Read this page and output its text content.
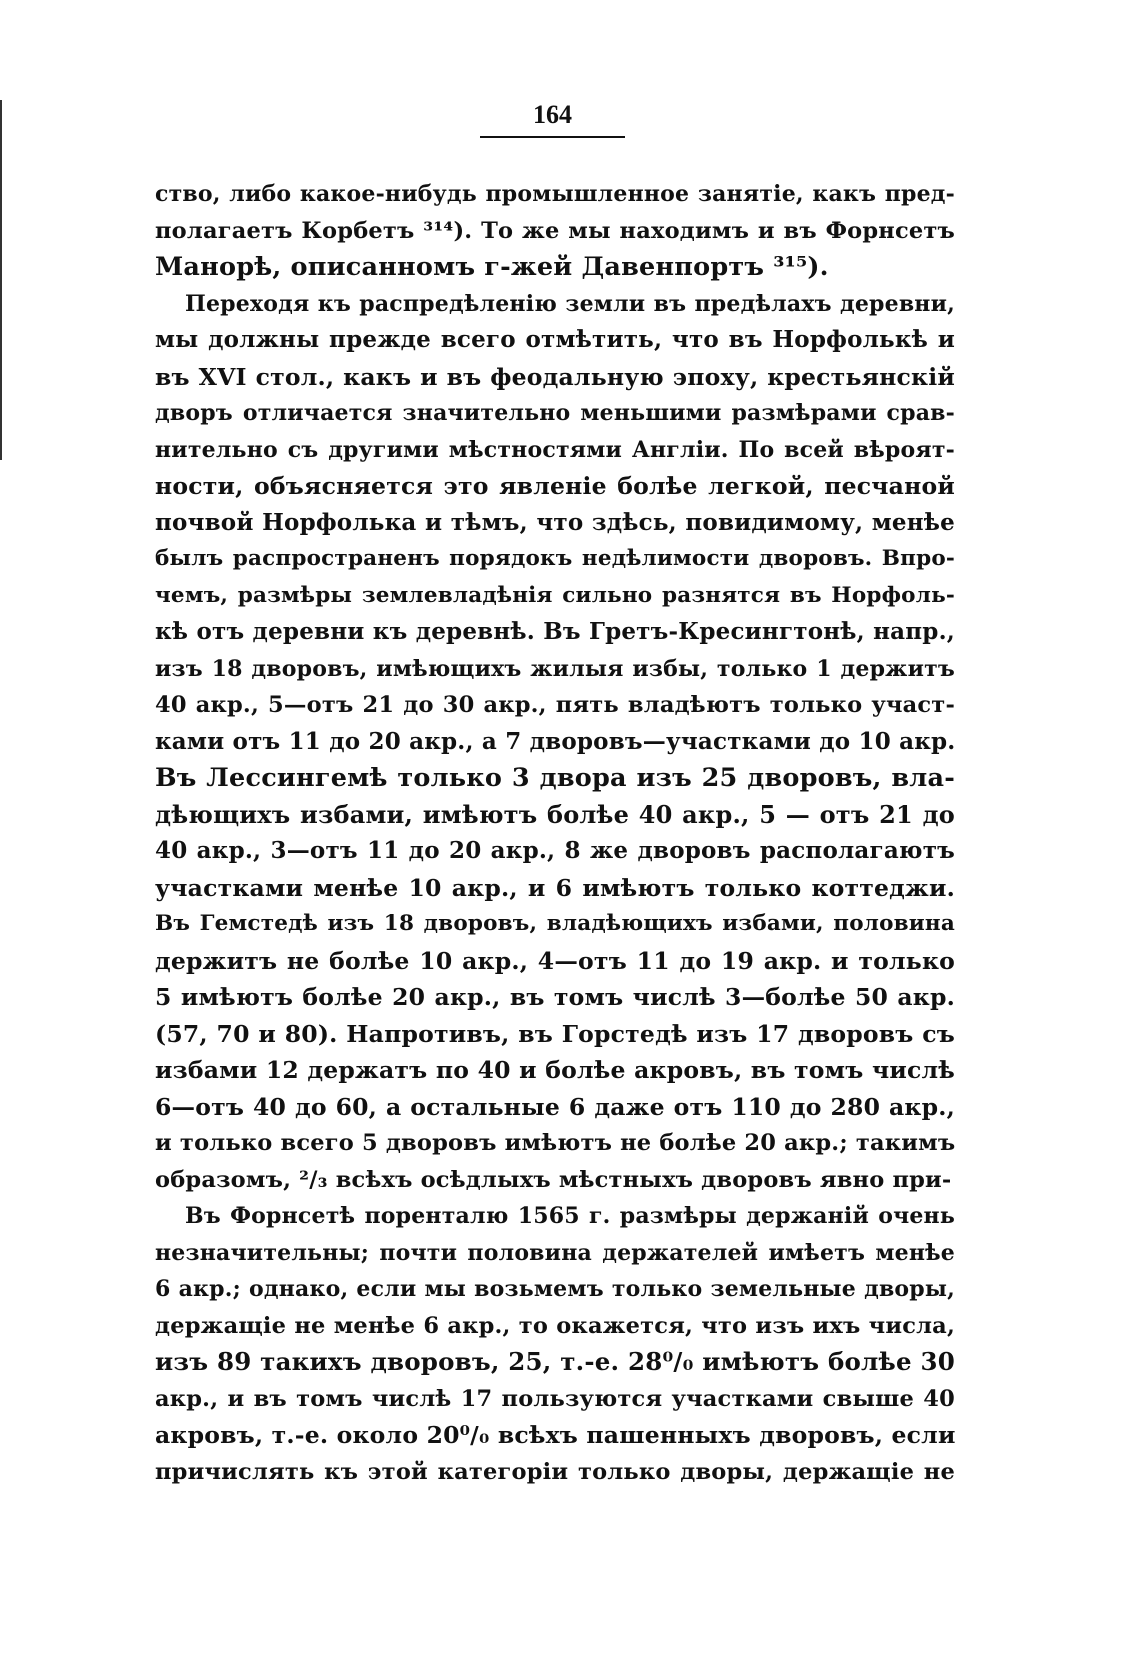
164
ство, либо какое-нибудь промышленное занятіе, какъ пред-
полагаетъ Корбетъ ³¹⁴). То же мы находимъ и въ Форнсетъ
Манорѣ, описанномъ г-жей Давенпортъ ³¹⁵).
Переходя къ распредѣленію земли въ предѣлахъ деревни,
мы должны прежде всего отмѣтить, что въ Норфолькѣ и
въ XVI стол., какъ и въ феодальную эпоху, крестьянскій
дворъ отличается значительно меньшими размѣрами срав-
нительно съ другими мѣстностями Англіи. По всей вѣроят-
ности, объясняется это явленіе болѣе легкой, песчаной
почвой Норфолька и тѣмъ, что здѣсь, повидимому, менѣе
былъ распространенъ порядокъ недѣлимости дворовъ. Впро-
чемъ, размѣры землевладѣнія сильно разнятся въ Норфоль-
кѣ отъ деревни къ деревнѣ. Въ Гретъ-Кресингтонѣ, напр.,
изъ 18 дворовъ, имѣющихъ жилыя избы, только 1 держитъ
40 акр., 5—отъ 21 до 30 акр., пять владѣютъ только участ-
ками отъ 11 до 20 акр., а 7 дворовъ—участками до 10 акр.
Въ Лессингемѣ только 3 двора изъ 25 дворовъ, вла-
дѣющихъ избами, имѣютъ болѣе 40 акр., 5 — отъ 21 до
40 акр., 3—отъ 11 до 20 акр., 8 же дворовъ располагаютъ
участками менѣе 10 акр., и 6 имѣютъ только коттеджи.
Въ Гемстедѣ изъ 18 дворовъ, владѣющихъ избами, половина
держитъ не болѣе 10 акр., 4—отъ 11 до 19 акр. и только
5 имѣютъ болѣе 20 акр., въ томъ числѣ 3—болѣе 50 акр.
(57, 70 и 80). Напротивъ, въ Горстедѣ изъ 17 дворовъ съ
избами 12 держатъ по 40 и болѣе акровъ, въ томъ числѣ
6—отъ 40 до 60, а остальные 6 даже отъ 110 до 280 акр.,
и только всего 5 дворовъ имѣютъ не болѣе 20 акр.; такимъ
образомъ, ²/₃ всѣхъ осѣдлыхъ мѣстныхъ дворовъ явно при-
Въ Форнсетѣ поренталю 1565 г. размѣры держаній очень
незначительны; почти половина держателей имѣетъ менѣе
6 акр.; однако, если мы возьмемъ только земельные дворы,
держащіе не менѣе 6 акр., то окажется, что изъ ихъ числа,
изъ 89 такихъ дворовъ, 25, т.-е. 28⁰/₀ имѣютъ болѣе 30
акр., и въ томъ числѣ 17 пользуются участками свыше 40
акровъ, т.-е. около 20⁰/₀ всѣхъ пашенныхъ дворовъ, если
причислять къ этой категоріи только дворы, держащіе не
